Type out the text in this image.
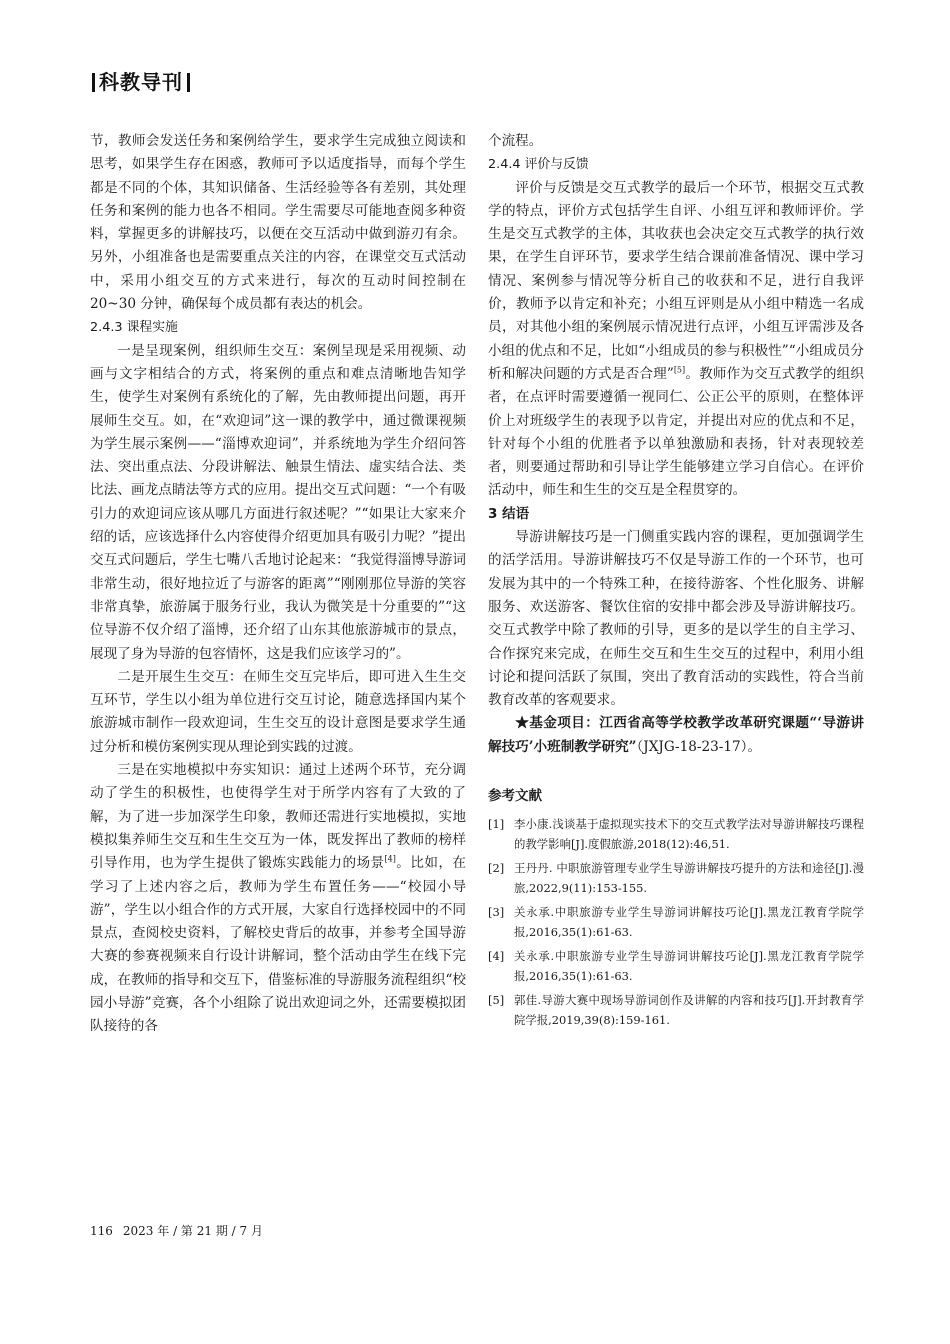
科教导刊

节，教师会发送任务和案例给学生，要求学生完成独立阅读和思考，如果学生存在困惑，教师可予以适度指导，而每个学生都是不同的个体，其知识储备、生活经验等各有差别，其处理任务和案例的能力也各不相同。学生需要尽可能地查阅多种资料，掌握更多的讲解技巧，以便在交互活动中做到游刃有余。另外，小组准备也是需要重点关注的内容，在课堂交互式活动中，采用小组交互的方式来进行，每次的互动时间控制在 20~30 分钟，确保每个成员都有表达的机会。

2.4.3 课程实施

一是呈现案例，组织师生交互：案例呈现是采用视频、动画与文字相结合的方式，将案例的重点和难点清晰地告知学生，使学生对案例有系统化的了解，先由教师提出问题，再开展师生交互。如，在“欢迎词”这一课的教学中，通过微课视频为学生展示案例——“淄博欢迎词”，并系统地为学生介绍问答法、突出重点法、分段讲解法、触景生情法、虚实结合法、类比法、画龙点睛法等方式的应用。提出交互式问题：“一个有吸引力的欢迎词应该从哪几方面进行叙述呢？”“如果让大家来介绍的话，应该选择什么内容使得介绍更加具有吸引力呢？”提出交互式问题后，学生七嘴八舌地讨论起来：“我觉得淄博导游词非常生动，很好地拉近了与游客的距离”“刚刚那位导游的笑容非常真挚，旅游属于服务行业，我认为微笑是十分重要的”“这位导游不仅介绍了淄博，还介绍了山东其他旅游城市的景点，展现了身为导游的包容情怀，这是我们应该学习的”。

二是开展生生交互：在师生交互完毕后，即可进入生生交互环节，学生以小组为单位进行交互讨论，随意选择国内某个旅游城市制作一段欢迎词，生生交互的设计意图是要求学生通过分析和模仿案例实现从理论到实践的过渡。

三是在实地模拟中夯实知识：通过上述两个环节，充分调动了学生的积极性，也使得学生对于所学内容有了大致的了解，为了进一步加深学生印象，教师还需进行实地模拟，实地模拟集养师生交互和生生交互为一体，既发挥出了教师的榜样引导作用，也为学生提供了锻炼实践能力的场景[4]。比如，在学习了上述内容之后，教师为学生布置任务——“校园小导游”，学生以小组合作的方式开展，大家自行选择校园中的不同景点，查阅校史资料，了解校史背后的故事，并参考全国导游大赛的参赛视频来自行设计讲解词，整个活动由学生在线下完成，在教师的指导和交互下，借鉴标准的导游服务流程组织“校园小导游”竞赛，各个小组除了说出欢迎词之外，还需要模拟团队接待的各

个流程。

2.4.4 评价与反馈

评价与反馈是交互式教学的最后一个环节，根据交互式教学的特点，评价方式包括学生自评、小组互评和教师评价。学生是交互式教学的主体，其收获也会决定交互式教学的执行效果，在学生自评环节，要求学生结合课前准备情况、课中学习情况、案例参与情况等分析自己的收获和不足，进行自我评价，教师予以肯定和补充；小组互评则是从小组中精选一名成员，对其他小组的案例展示情况进行点评，小组互评需涉及各小组的优点和不足，比如“小组成员的参与积极性”“小组成员分析和解决问题的方式是否合理”[5]。教师作为交互式教学的组织者，在点评时需要遵循一视同仁、公正公平的原则，在整体评价上对班级学生的表现予以肯定，并提出对应的优点和不足，针对每个小组的优胜者予以单独激励和表扬，针对表现较差者，则要通过帮助和引导让学生能够建立学习自信心。在评价活动中，师生和生生的交互是全程贯穿的。

3 结语

导游讲解技巧是一门侧重实践内容的课程，更加强调学生的活学活用。导游讲解技巧不仅是导游工作的一个环节，也可发展为其中的一个特殊工种，在接待游客、个性化服务、讲解服务、欢送游客、餐饮住宿的安排中都会涉及导游讲解技巧。交互式教学中除了教师的引导，更多的是以学生的自主学习、合作探究来完成，在师生交互和生生交互的过程中，利用小组讨论和提问活跃了氛围，突出了教育活动的实践性，符合当前教育改革的客观要求。

★基金项目：江西省高等学校教学改革研究课题“‘导游讲解技巧’小班制教学研究”（JXJG-18-23-17）。

参考文献

[1] 李小康.浅谈基于虚拟现实技术下的交互式教学法对导游讲解技巧课程的教学影响[J].度假旅游,2018(12):46,51.
[2] 王丹丹. 中职旅游管理专业学生导游讲解技巧提升的方法和途径[J].漫旅,2022,9(11):153-155.
[3] 关永承.中职旅游专业学生导游词讲解技巧论[J].黑龙江教育学院学报,2016,35(1):61-63.
[4] 关永承.中职旅游专业学生导游词讲解技巧论[J].黑龙江教育学院学报,2016,35(1):61-63.
[5] 郭佳.导游大赛中现场导游词创作及讲解的内容和技巧[J].开封教育学院学报,2019,39(8):159-161.
116 2023 年 / 第 21 期 / 7 月
